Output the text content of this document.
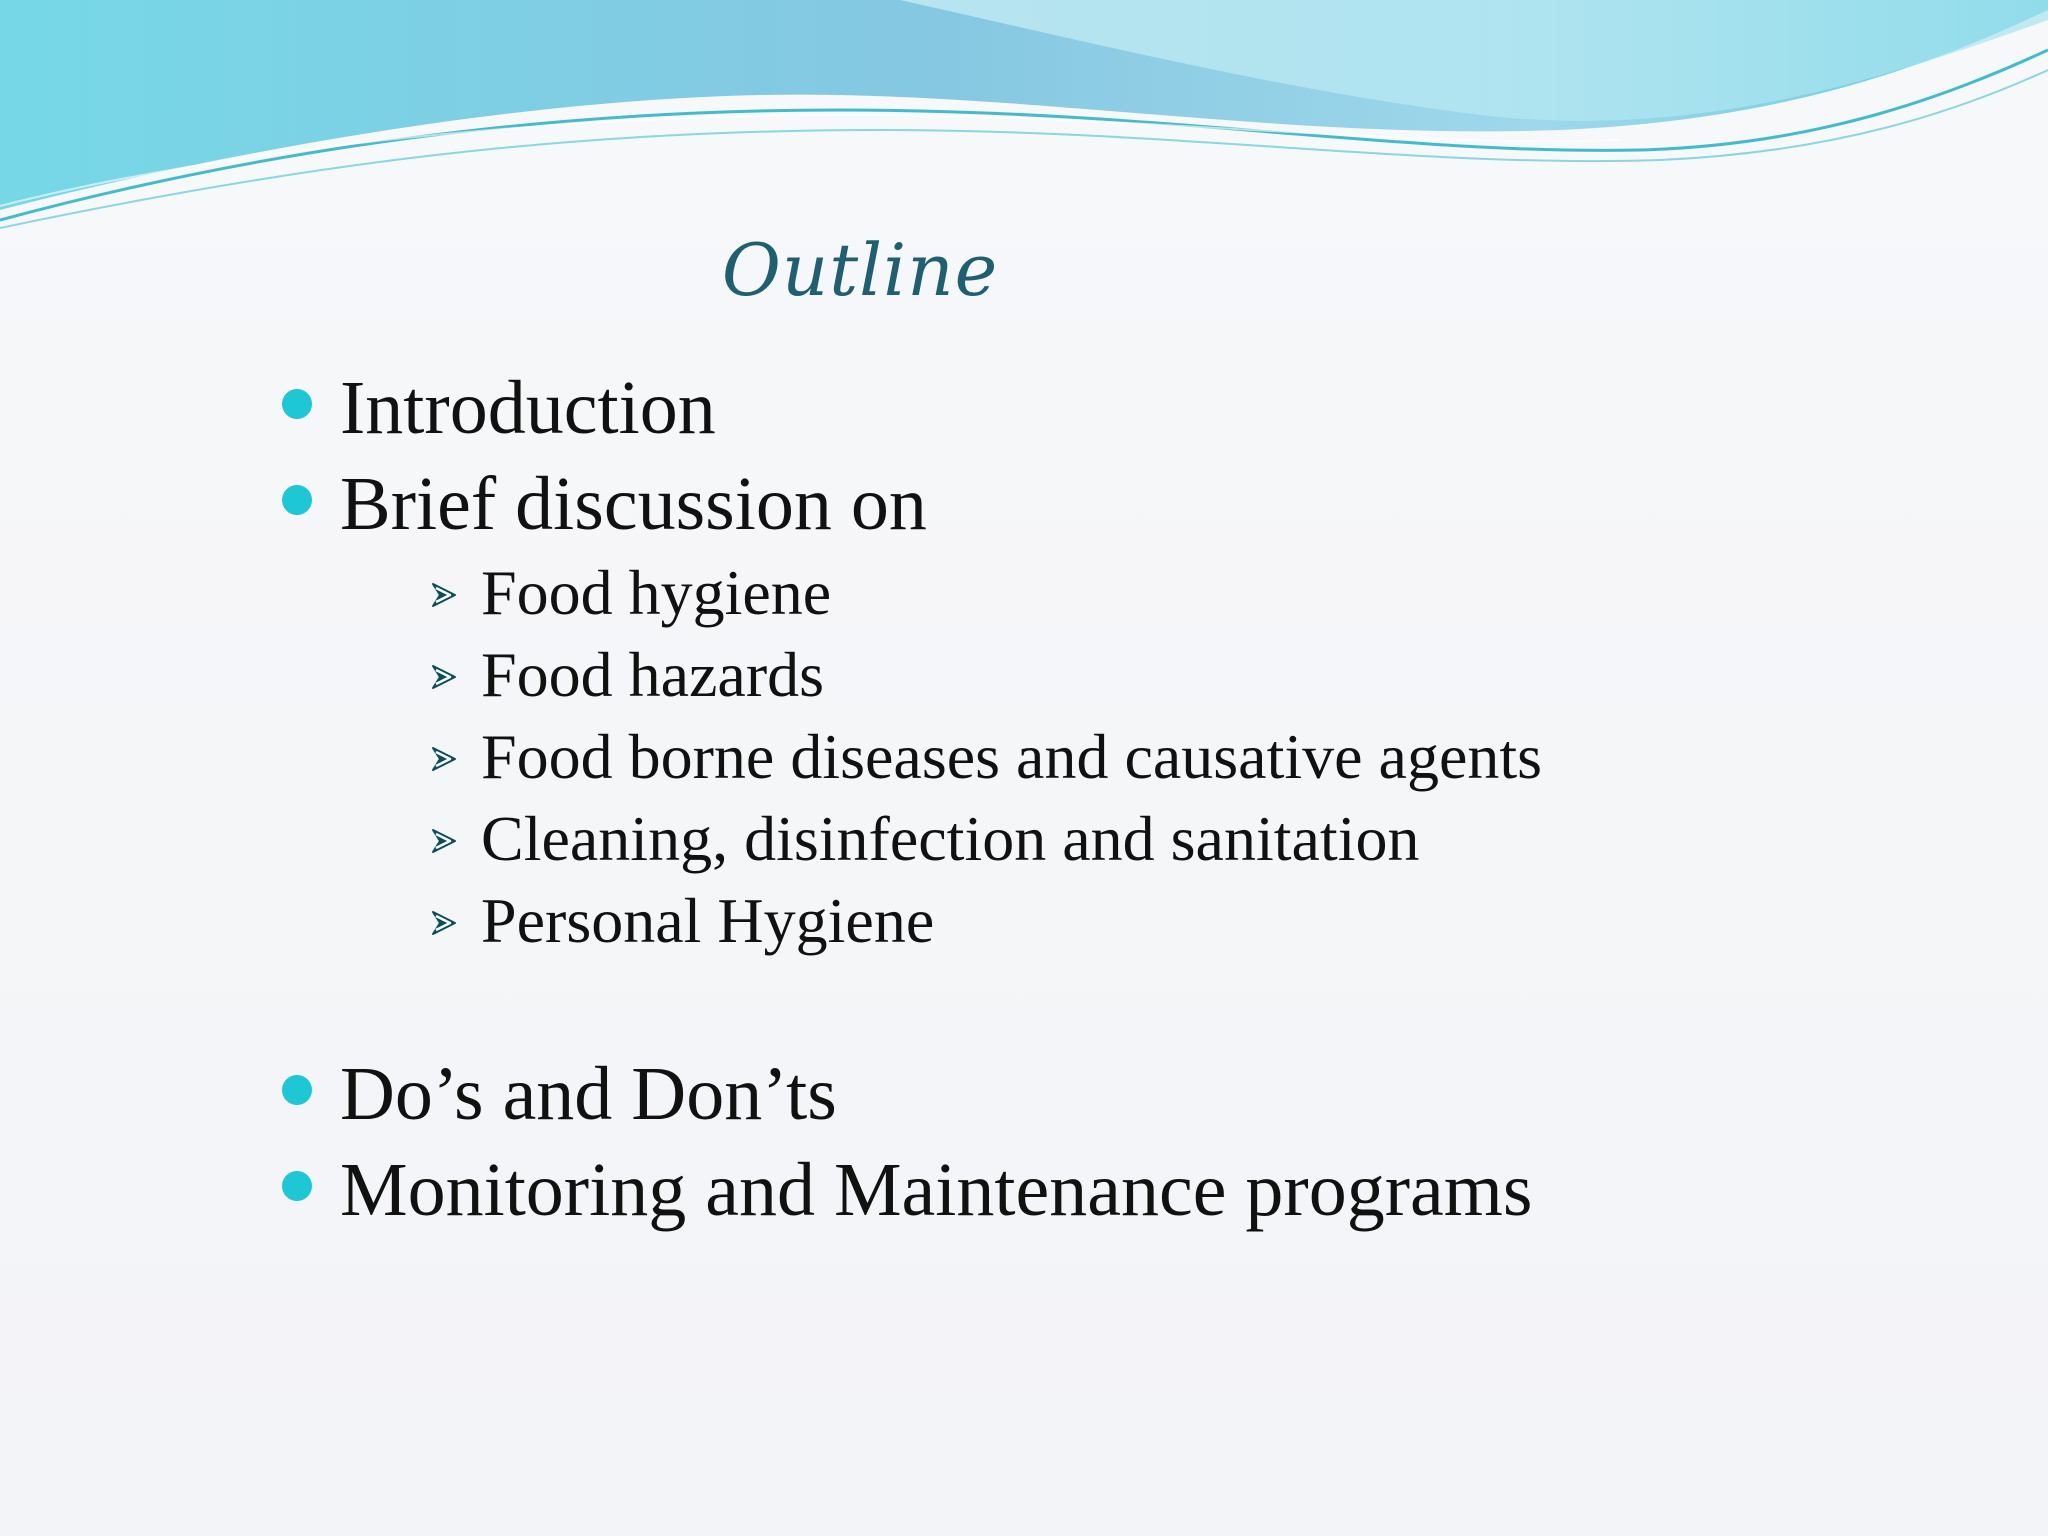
Outline
Introduction
Brief discussion on
Food hygiene
Food hazards
Food borne diseases and causative agents
Cleaning, disinfection and sanitation
Personal Hygiene
Do’s and Don’ts
Monitoring and Maintenance programs
